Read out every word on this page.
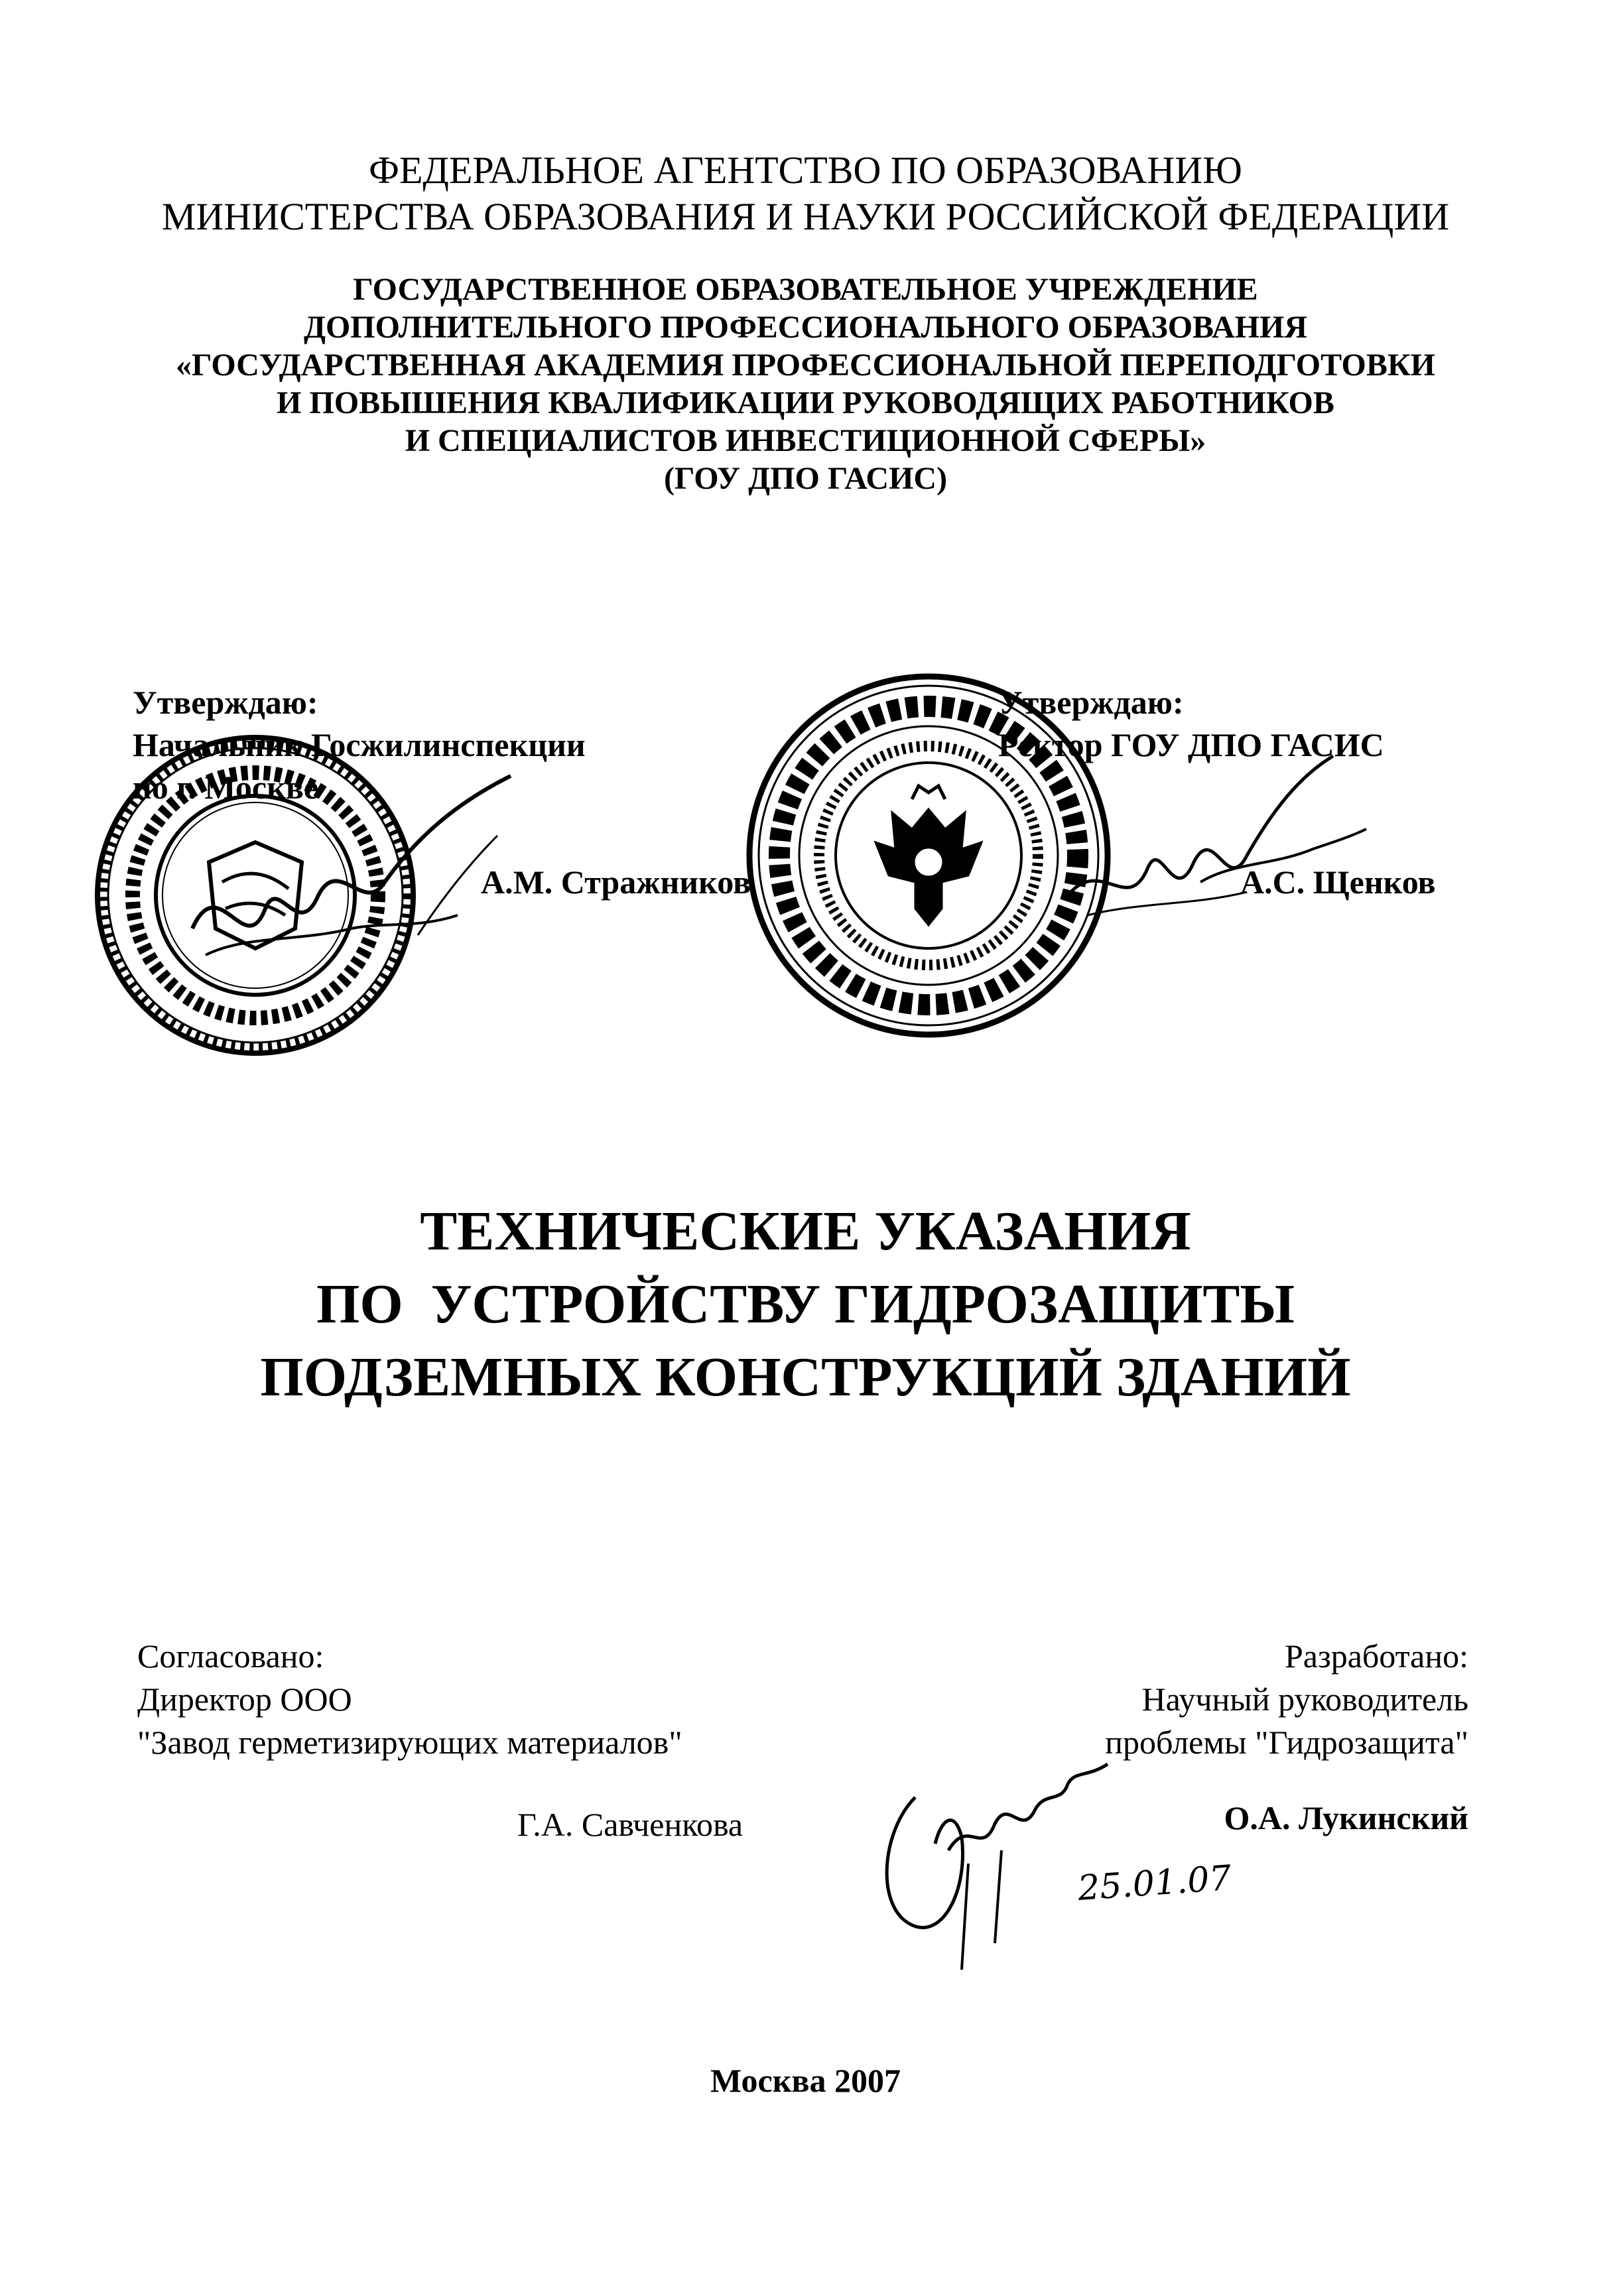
ФЕДЕРАЛЬНОЕ АГЕНТСТВО ПО ОБРАЗОВАНИЮ
МИНИСТЕРСТВА ОБРАЗОВАНИЯ И НАУКИ РОССИЙСКОЙ ФЕДЕРАЦИИ
ГОСУДАРСТВЕННОЕ ОБРАЗОВАТЕЛЬНОЕ УЧРЕЖДЕНИЕ
ДОПОЛНИТЕЛЬНОГО ПРОФЕССИОНАЛЬНОГО ОБРАЗОВАНИЯ
«ГОСУДАРСТВЕННАЯ АКАДЕМИЯ ПРОФЕССИОНАЛЬНОЙ ПЕРЕПОДГОТОВКИ
И ПОВЫШЕНИЯ КВАЛИФИКАЦИИ РУКОВОДЯЩИХ РАБОТНИКОВ
И СПЕЦИАЛИСТОВ ИНВЕСТИЦИОННОЙ СФЕРЫ»
(ГОУ ДПО ГАСИС)
Утверждаю:
Начальник Госжилинспекции
по г. Москве
А.М. Стражников
Утверждаю:
Ректор ГОУ ДПО ГАСИС
А.С. Щенков
ТЕХНИЧЕСКИЕ УКАЗАНИЯ
ПО  УСТРОЙСТВУ ГИДРОЗАЩИТЫ
ПОДЗЕМНЫХ КОНСТРУКЦИЙ ЗДАНИЙ
Согласовано:
Директор ООО
"Завод герметизирующих материалов"
Г.А. Савченкова
Разработано:
Научный руководитель
проблемы "Гидрозащита"
О.А. Лукинский
25.01.07
Москва 2007
